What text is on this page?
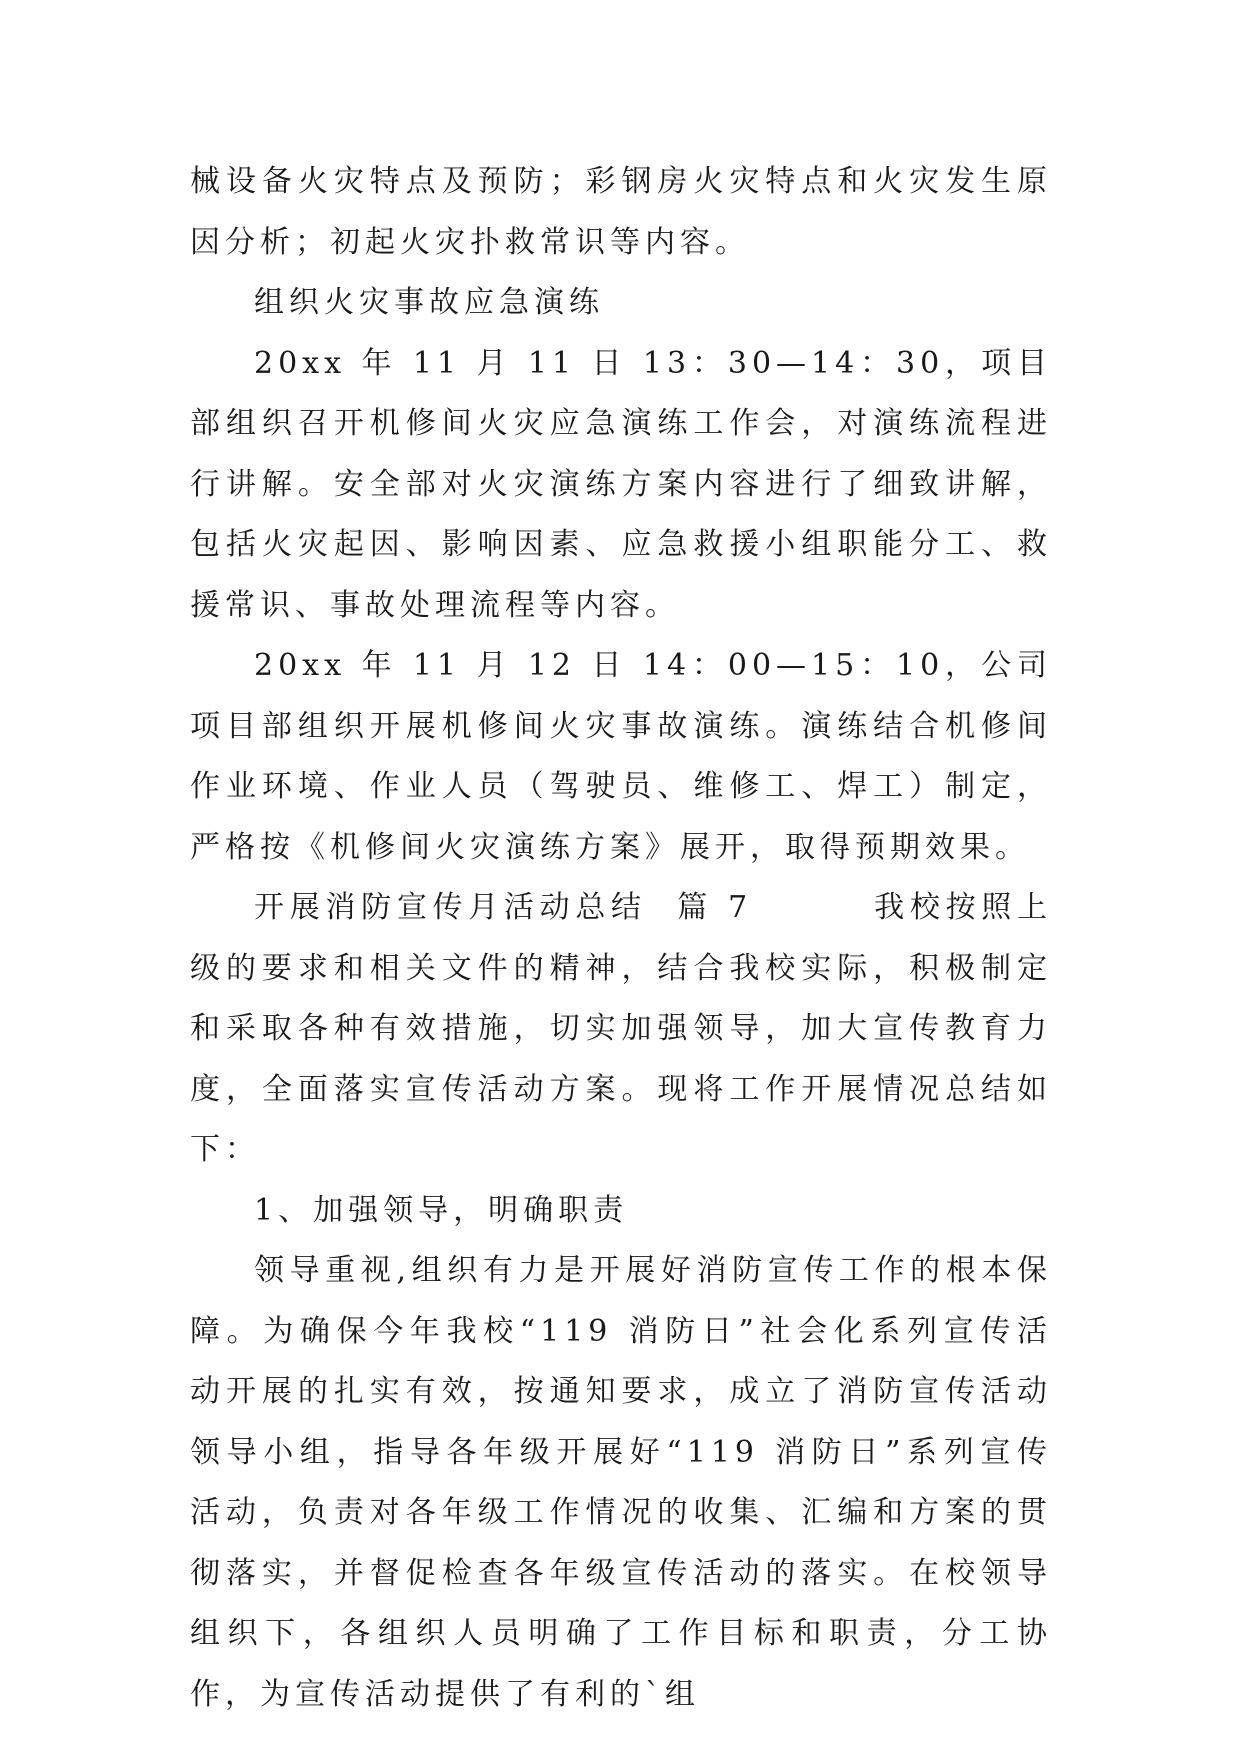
械设备火灾特点及预防；彩钢房火灾特点和火灾发生原因分析；初起火灾扑救常识等内容。

组织火灾事故应急演练

20xx 年 11 月 11 日 13：30—14：30，项目部组织召开机修间火灾应急演练工作会，对演练流程进行讲解。安全部对火灾演练方案内容进行了细致讲解，包括火灾起因、影响因素、应急救援小组职能分工、救援常识、事故处理流程等内容。

20xx 年 11 月 12 日 14：00—15：10，公司项目部组织开展机修间火灾事故演练。演练结合机修间作业环境、作业人员（驾驶员、维修工、焊工）制定，严格按《机修间火灾演练方案》展开，取得预期效果。

开展消防宣传月活动总结  篇 7        我校按照上级的要求和相关文件的精神，结合我校实际，积极制定和采取各种有效措施，切实加强领导，加大宣传教育力度，全面落实宣传活动方案。现将工作开展情况总结如下：

1、加强领导，明确职责

领导重视,组织有力是开展好消防宣传工作的根本保障。为确保今年我校“119 消防日”社会化系列宣传活动开展的扎实有效，按通知要求，成立了消防宣传活动领导小组，指导各年级开展好“119 消防日”系列宣传活动，负责对各年级工作情况的收集、汇编和方案的贯彻落实，并督促检查各年级宣传活动的落实。在校领导组织下，各组织人员明确了工作目标和职责，分工协作，为宣传活动提供了有利的`组
